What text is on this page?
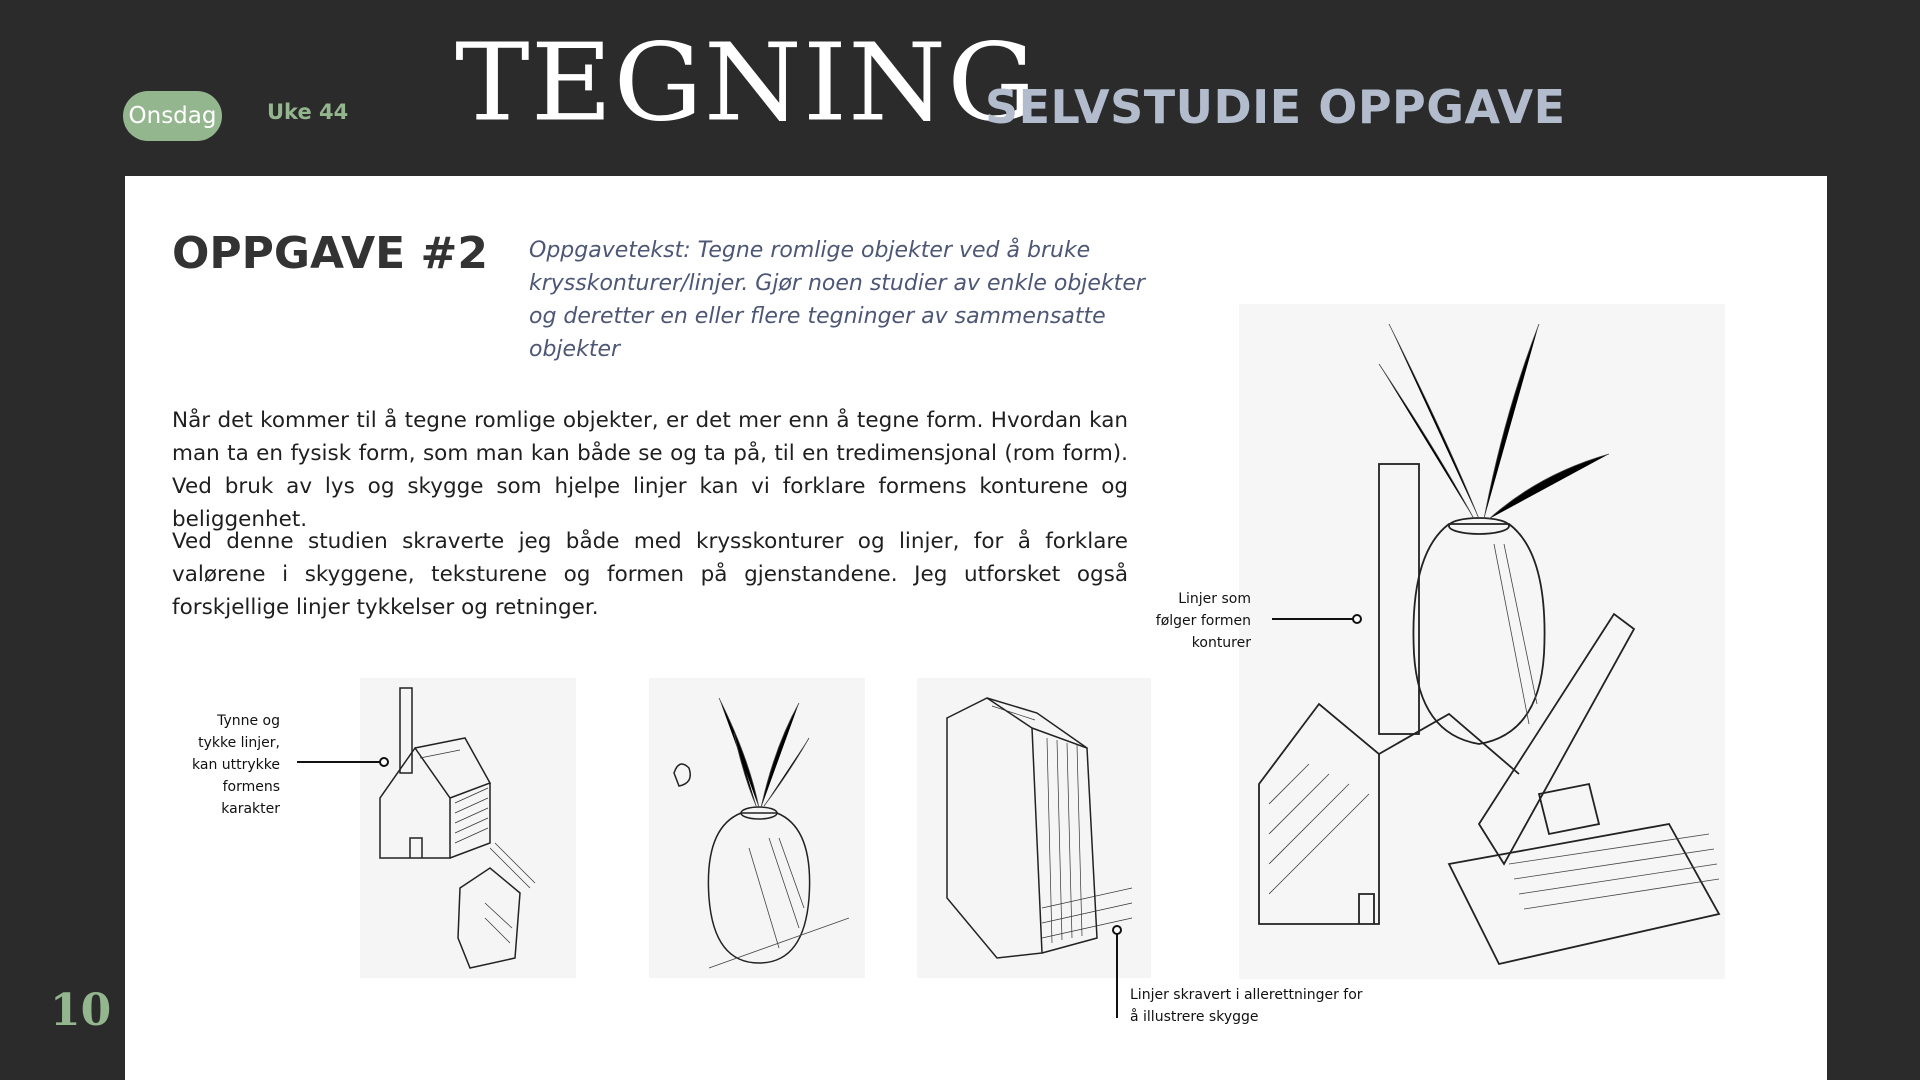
Onsdag Uke 44 TEGNING
SELVSTUDIE OPPGAVE
10
OPPGAVE #2 Oppgavetekst: Tegne romlige objekter ved å bruke krysskonturer/linjer. Gjør noen studier av enkle objekter og deretter en eller flere tegninger av sammensatte objekter
Når det kommer til å tegne romlige objekter, er det mer enn å tegne form. Hvordan kan man ta en fysisk form, som man kan både se og ta på, til en tredimensjonal (rom form). Ved bruk av lys og skygge som hjelpe linjer kan vi forklare formens konturene og beliggenhet.
Ved denne studien skraverte jeg både med krysskonturer og linjer, for å forklare valørene i skyggene, teksturene og formen på gjenstandene. Jeg utforsket også forskjellige linjer tykkelser og retninger.
Tynne og
tykke linjer,
kan uttrykke
formens
karakter
Linjer som
følger formen
konturer
Linjer skravert i allerettninger for
å illustrere skygge
